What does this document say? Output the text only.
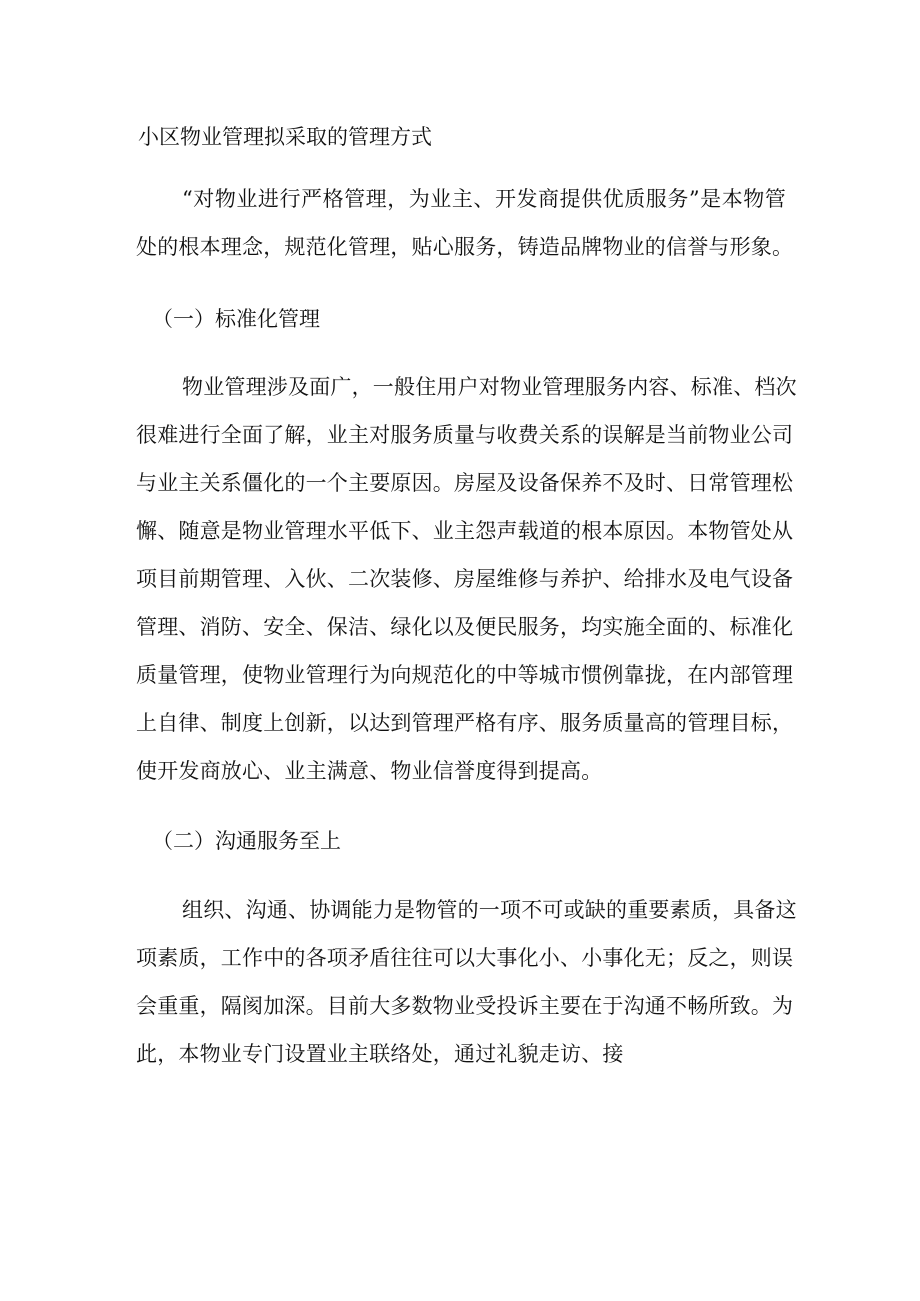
小区物业管理拟采取的管理方式
“对物业进行严格管理，为业主、开发商提供优质服务”是本物管
处的根本理念，规范化管理，贴心服务，铸造品牌物业的信誉与形象。
（一）标准化管理
物业管理涉及面广，一般住用户对物业管理服务内容、标准、档次
很难进行全面了解，业主对服务质量与收费关系的误解是当前物业公司
与业主关系僵化的一个主要原因。房屋及设备保养不及时、日常管理松
懈、随意是物业管理水平低下、业主怨声载道的根本原因。本物管处从
项目前期管理、入伙、二次装修、房屋维修与养护、给排水及电气设备
管理、消防、安全、保洁、绿化以及便民服务，均实施全面的、标准化
质量管理，使物业管理行为向规范化的中等城市惯例靠拢，在内部管理
上自律、制度上创新，以达到管理严格有序、服务质量高的管理目标，
使开发商放心、业主满意、物业信誉度得到提高。
（二）沟通服务至上
组织、沟通、协调能力是物管的一项不可或缺的重要素质，具备这
项素质，工作中的各项矛盾往往可以大事化小、小事化无；反之，则误
会重重，隔阂加深。目前大多数物业受投诉主要在于沟通不畅所致。为
此，本物业专门设置业主联络处，通过礼貌走访、接
